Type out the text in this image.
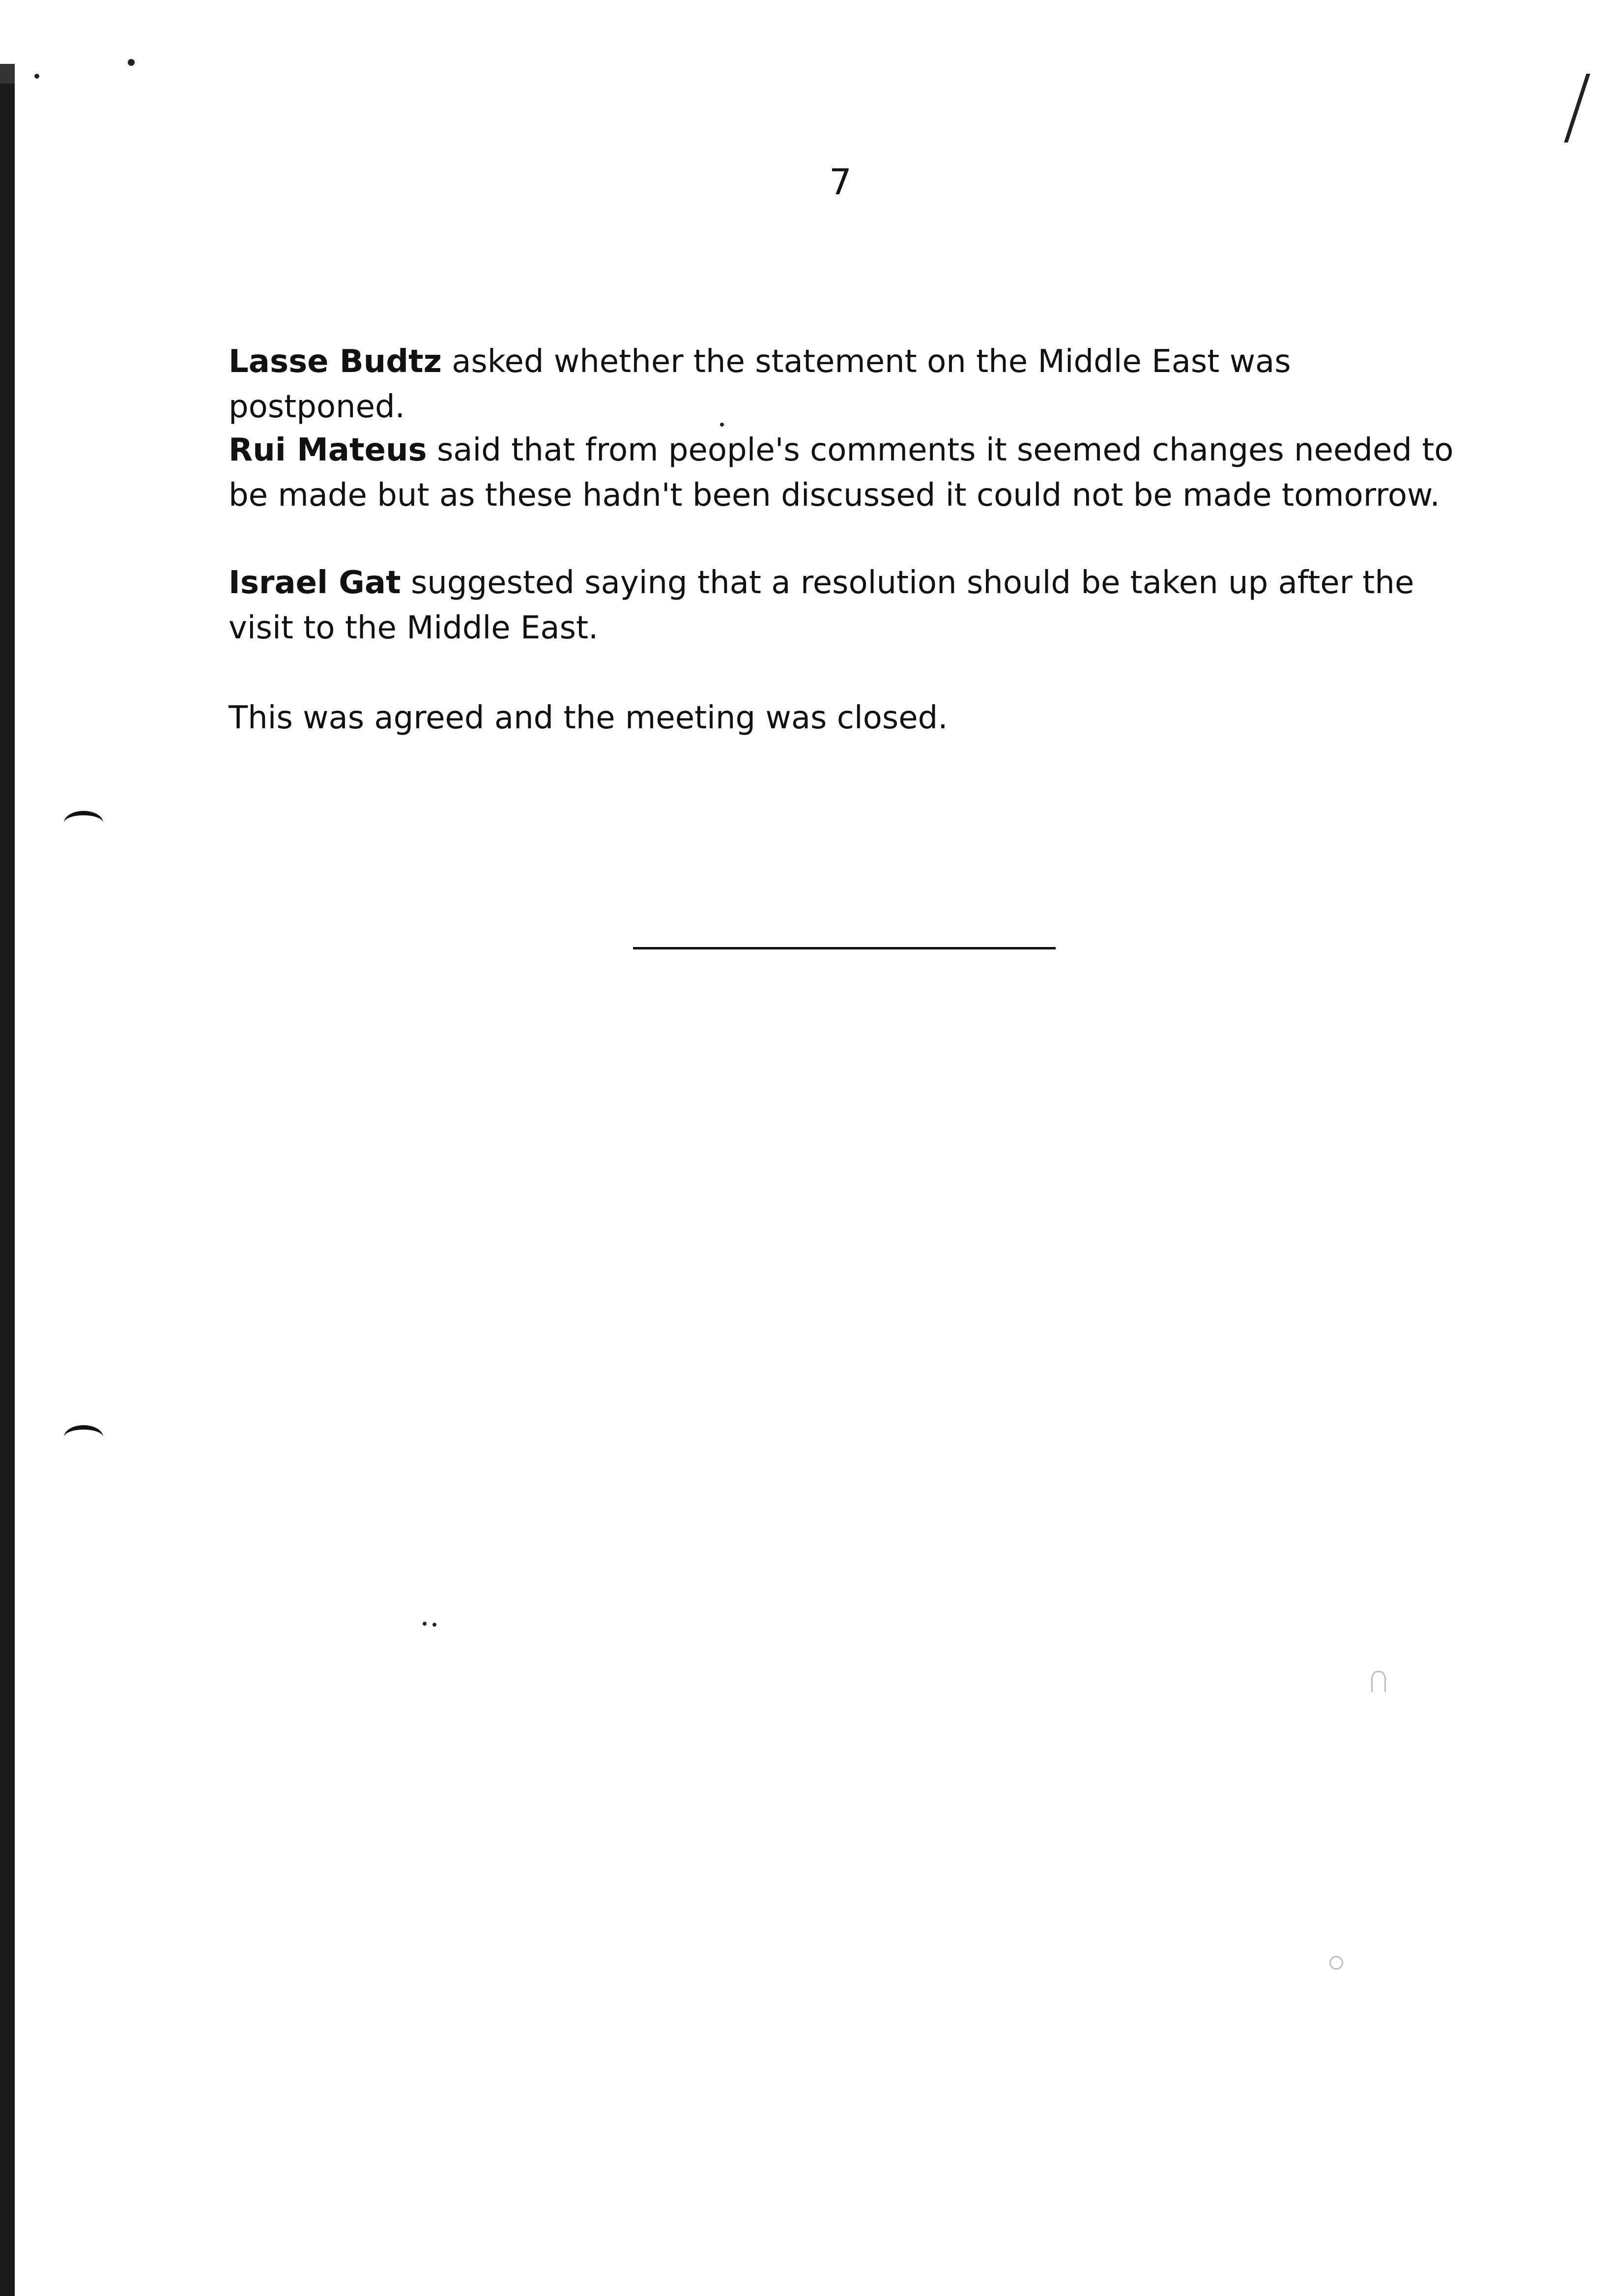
7

Lasse Budtz asked whether the statement on the Middle East was postponed.

Rui Mateus said that from people's comments it seemed changes needed to
be made but as these hadn't been discussed it could not be made tomorrow.

Israel Gat suggested saying that a resolution should be taken up after the
visit to the Middle East.

This was agreed and the meeting was closed.
